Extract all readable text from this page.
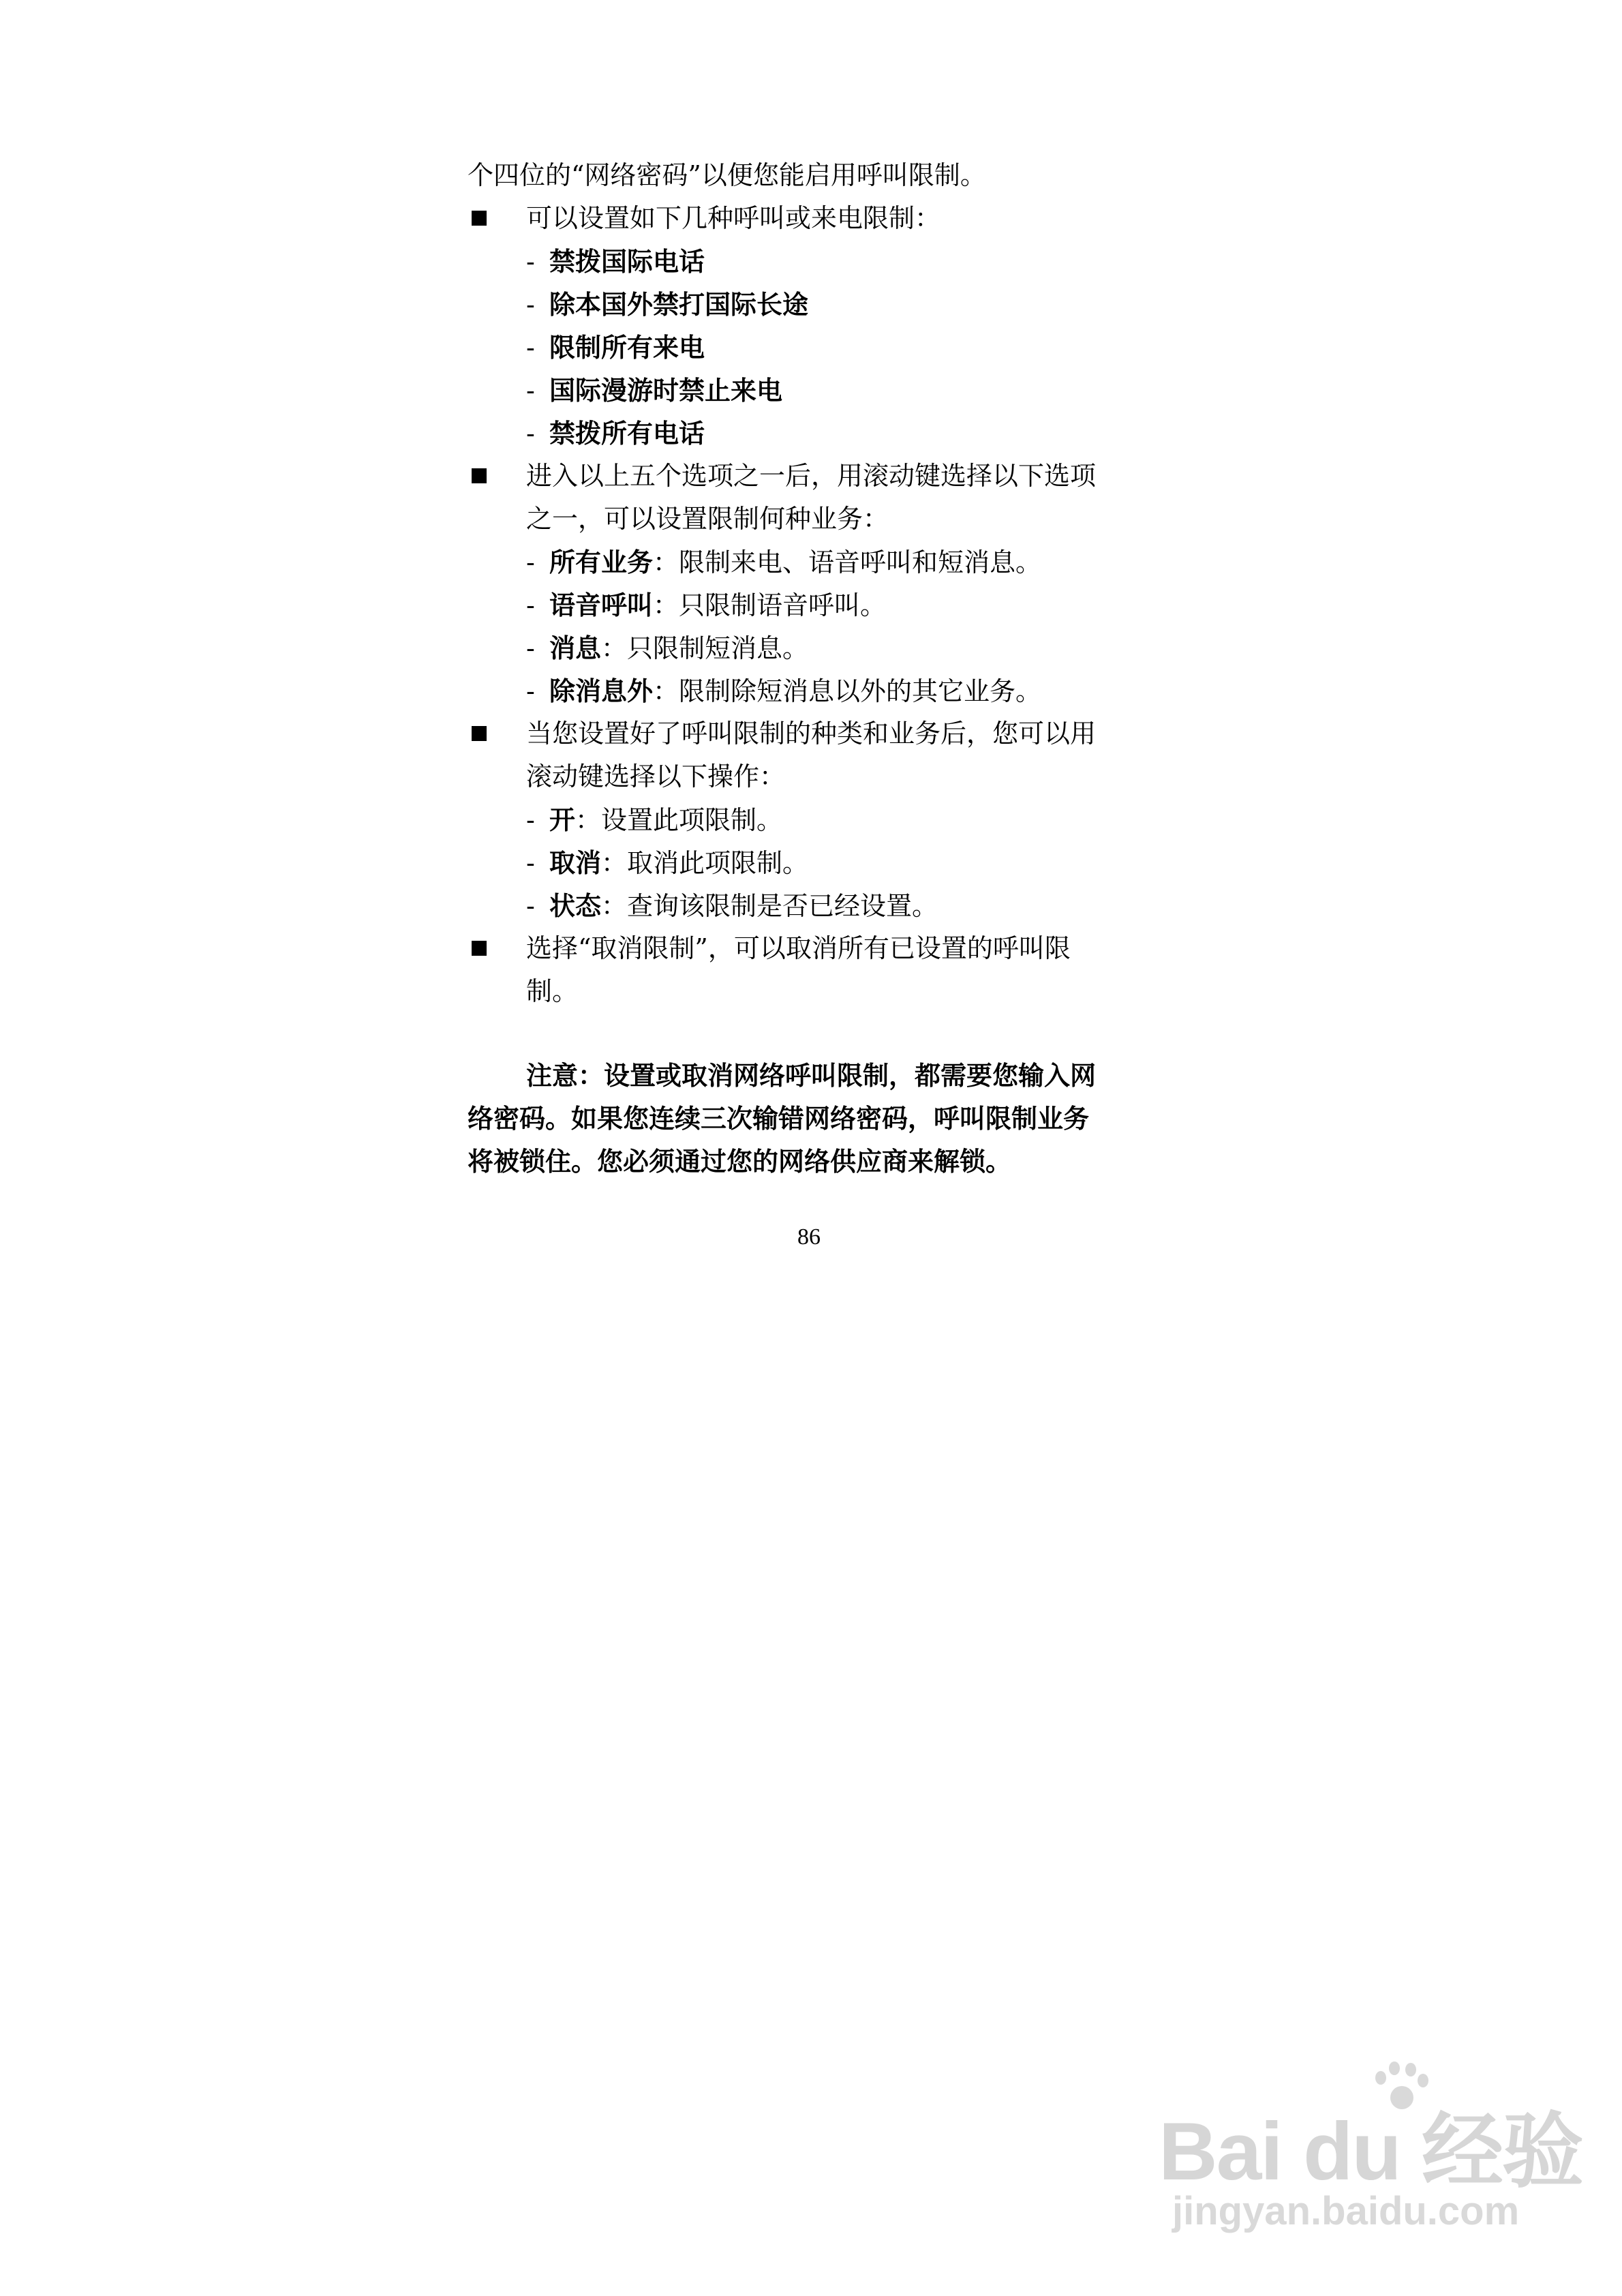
个四位的“网络密码”以便您能启用呼叫限制。
可以设置如下几种呼叫或来电限制：
- 禁拨国际电话
- 除本国外禁打国际长途
- 限制所有来电
- 国际漫游时禁止来电
- 禁拨所有电话
进入以上五个选项之一后，用滚动键选择以下选项
之一，可以设置限制何种业务：
- 所有业务：限制来电、语音呼叫和短消息。
- 语音呼叫：只限制语音呼叫。
- 消息：只限制短消息。
- 除消息外：限制除短消息以外的其它业务。
当您设置好了呼叫限制的种类和业务后，您可以用
滚动键选择以下操作：
- 开：设置此项限制。
- 取消：取消此项限制。
- 状态：查询该限制是否已经设置。
选择“取消限制”，可以取消所有已设置的呼叫限
制。
注意：设置或取消网络呼叫限制，都需要您输入网
络密码。如果您连续三次输错网络密码，呼叫限制业务
将被锁住。您必须通过您的网络供应商来解锁。
86
Bai du 经验
jingyan.baidu.com
